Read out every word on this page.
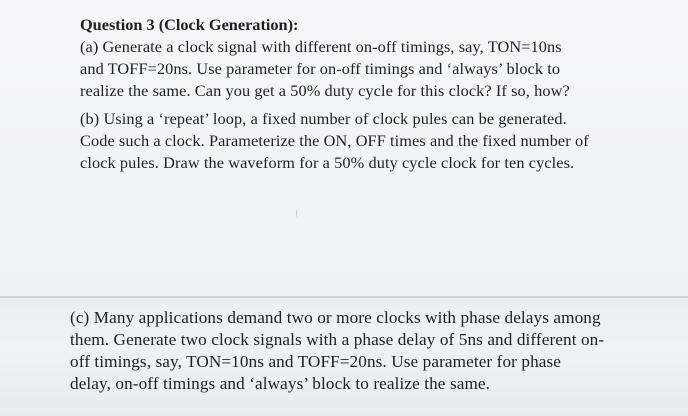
Question 3 (Clock Generation):
(a) Generate a clock signal with different on-off timings, say, TON=10ns
and TOFF=20ns. Use parameter for on-off timings and ‘always’ block to
realize the same. Can you get a 50% duty cycle for this clock? If so, how?
(b) Using a ‘repeat’ loop, a fixed number of clock pules can be generated.
Code such a clock. Parameterize the ON, OFF times and the fixed number of
clock pules. Draw the waveform for a 50% duty cycle clock for ten cycles.
(c) Many applications demand two or more clocks with phase delays among
them. Generate two clock signals with a phase delay of 5ns and different on-
off timings, say, TON=10ns and TOFF=20ns. Use parameter for phase
delay, on-off timings and ‘always’ block to realize the same.
